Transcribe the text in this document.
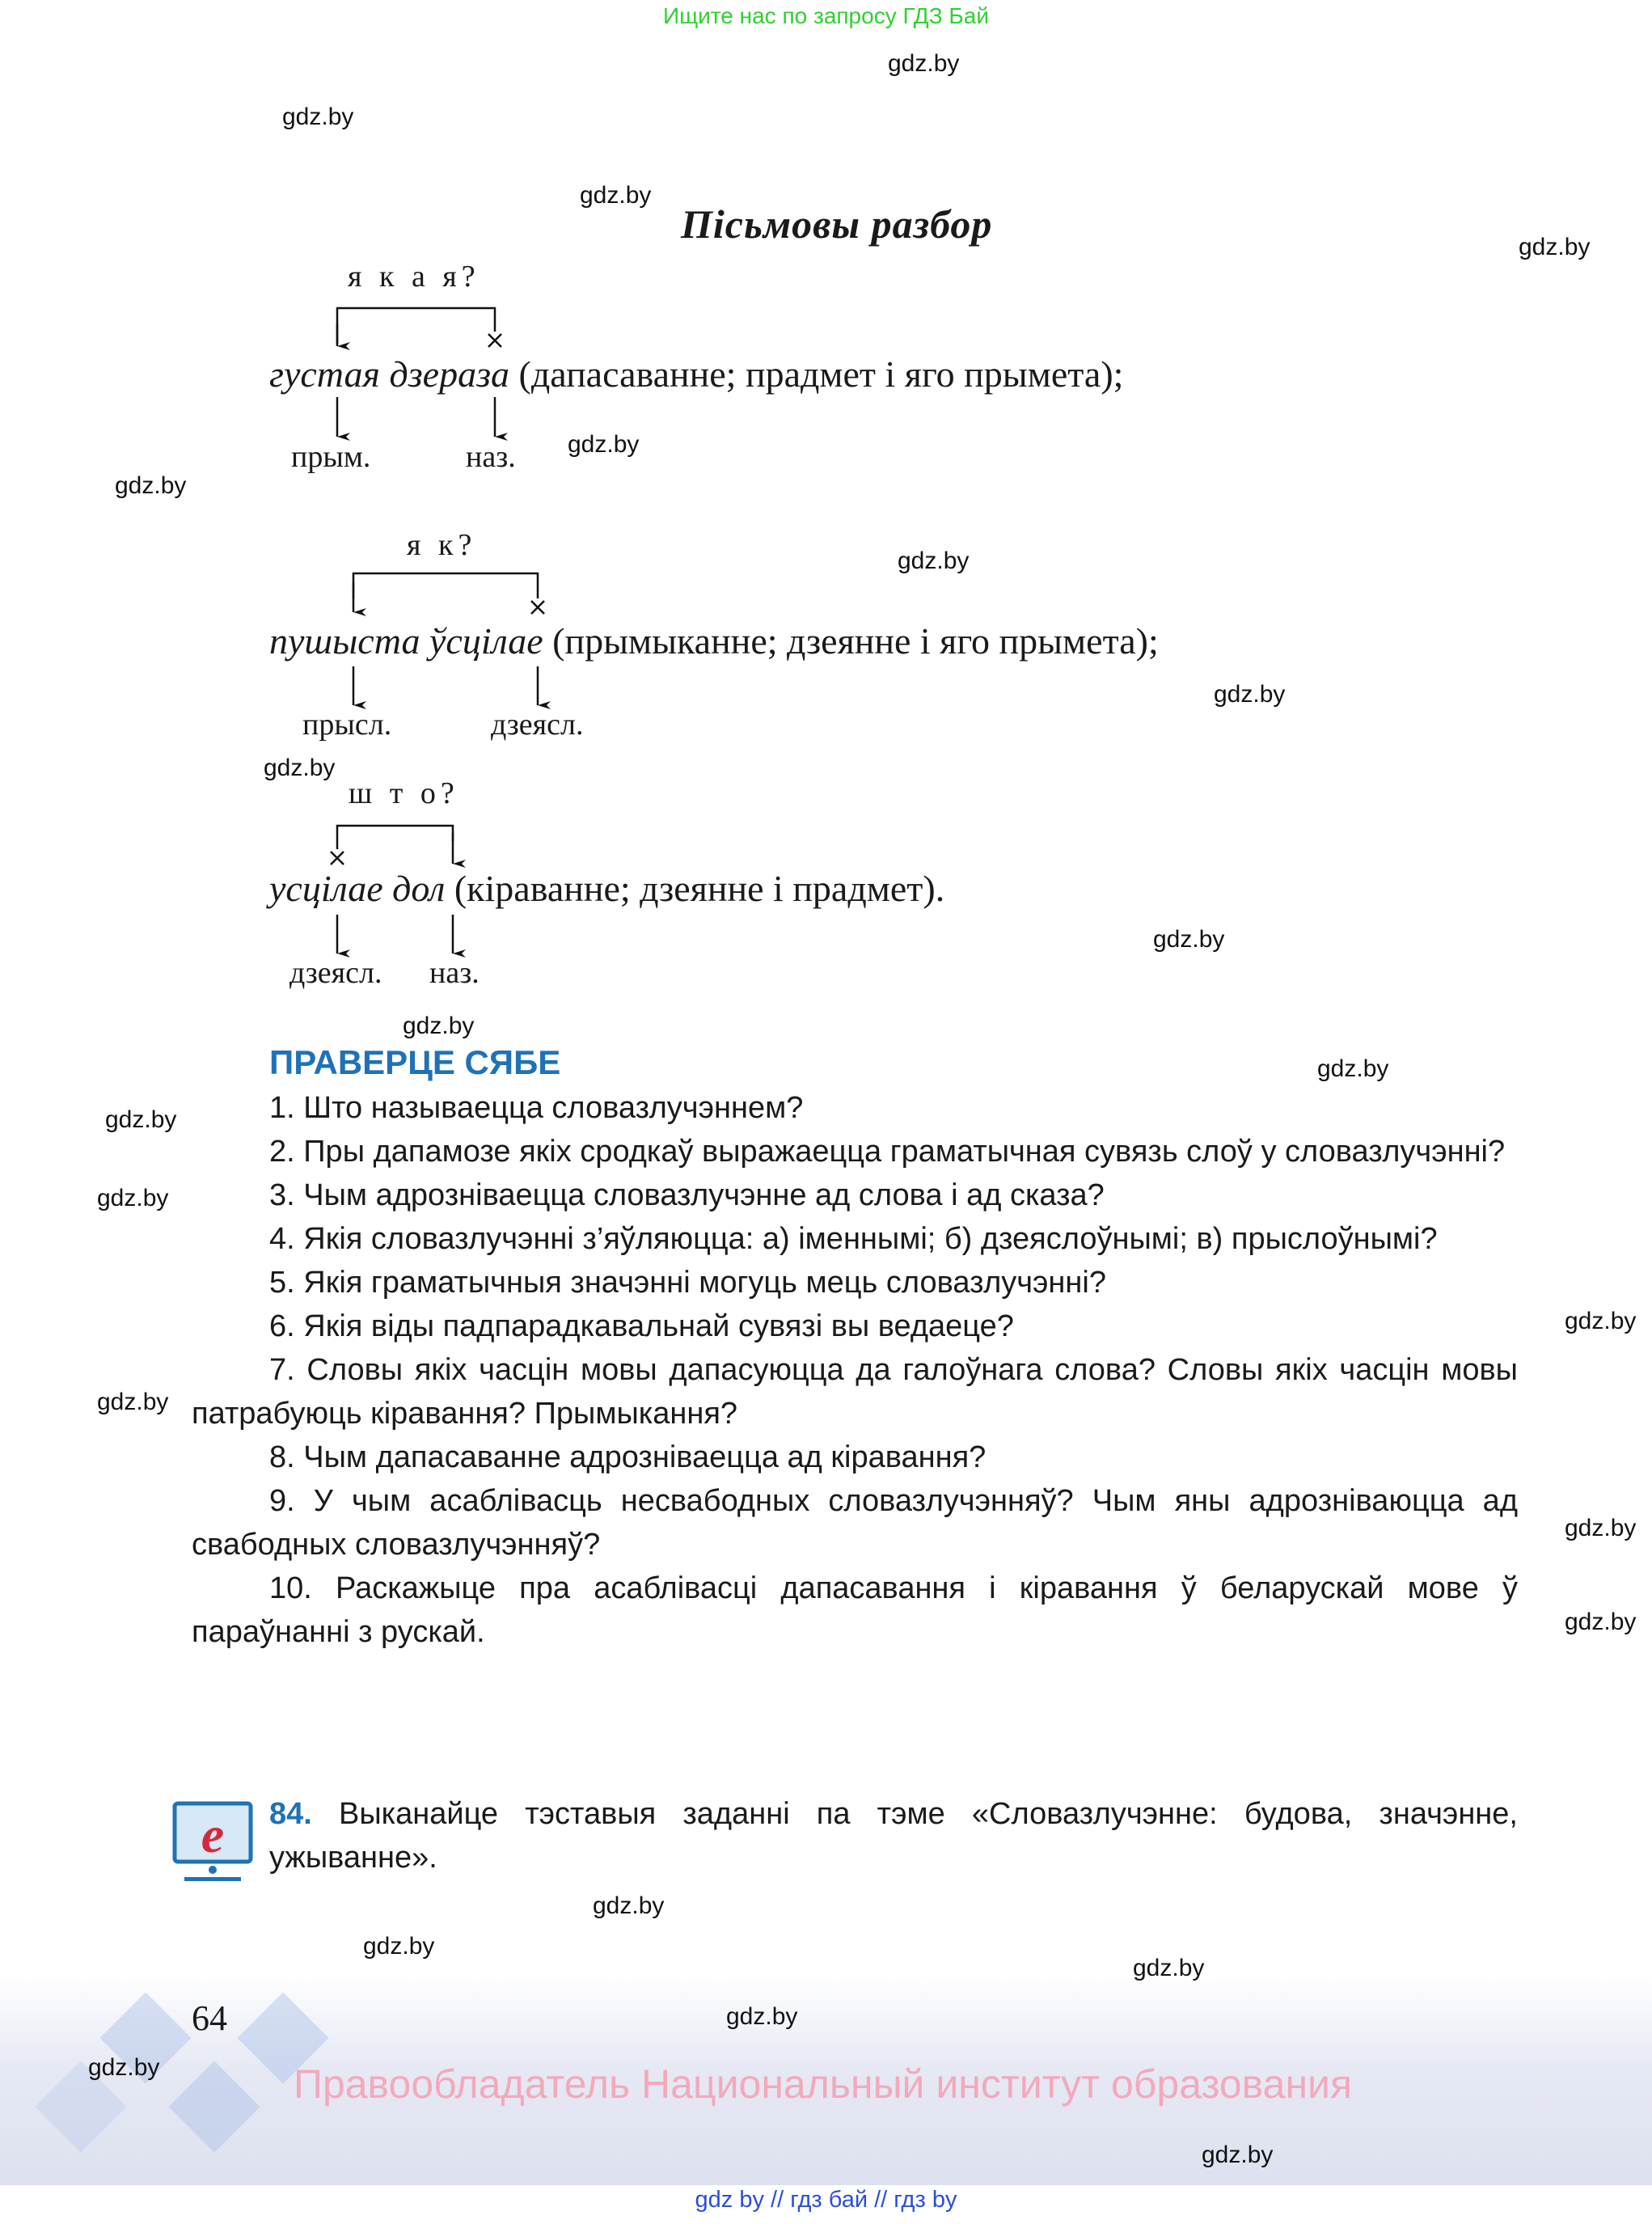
Ищите нас по запросу ГДЗ Бай
Пісьмовы разбор
я к а я?
густая дзераза (дапасаванне; прадмет і яго прымета);
прым.	наз.
я к?
пушыста ўсцілае (прымыканне; дзеянне і яго прымета);
прысл.	дзеясл.
ш т о?
усцілае дол (кіраванне; дзеянне і прадмет).
дзеясл. наз.
ПРАВЕРЦЕ СЯБЕ

1. Што называецца словазлучэннем?

2. Пры дапамозе якіх сродкаў выражаецца граматычная сувязь слоў у словазлучэнні?

3. Чым адрозніваецца словазлучэнне ад слова і ад сказа?

4. Якія словазлучэнні з’яўляюцца: а) іменнымі; б) дзеяслоўнымі; в) прыслоўнымі?

5. Якія граматычныя значэнні могуць мець словазлучэнні?

6. Якія віды падпарадкавальнай сувязі вы ведаеце?

7. Словы якіх часцін мовы дапасуюцца да галоўнага слова? Словы якіх часцін мовы патрабуюць кіравання? Прымыкання?

8. Чым дапасаванне адрозніваецца ад кіравання?

9. У чым асаблівасць несвабодных словазлучэнняў? Чым яны адрозніваюцца ад свабодных словазлучэнняў?

10. Раскажыце пра асаблівасці дапасавання і кіравання ў беларускай мове ў параўнанні з рускай.

e 84. Выканайце тэставыя заданні па тэме «Словазлучэнне: будова, значэнне, ужыванне».
64
Правообладатель Национальный институт образования
gdz by // гдз бай // гдз by
gdz.by
gdz.by
gdz.by
gdz.by
gdz.by
gdz.by
gdz.by
gdz.by
gdz.by
gdz.by
gdz.by
gdz.by
gdz.by
gdz.by
gdz.by
gdz.by
gdz.by
gdz.by
gdz.by
gdz.by
gdz.by
gdz.by
gdz.by
gdz.by
